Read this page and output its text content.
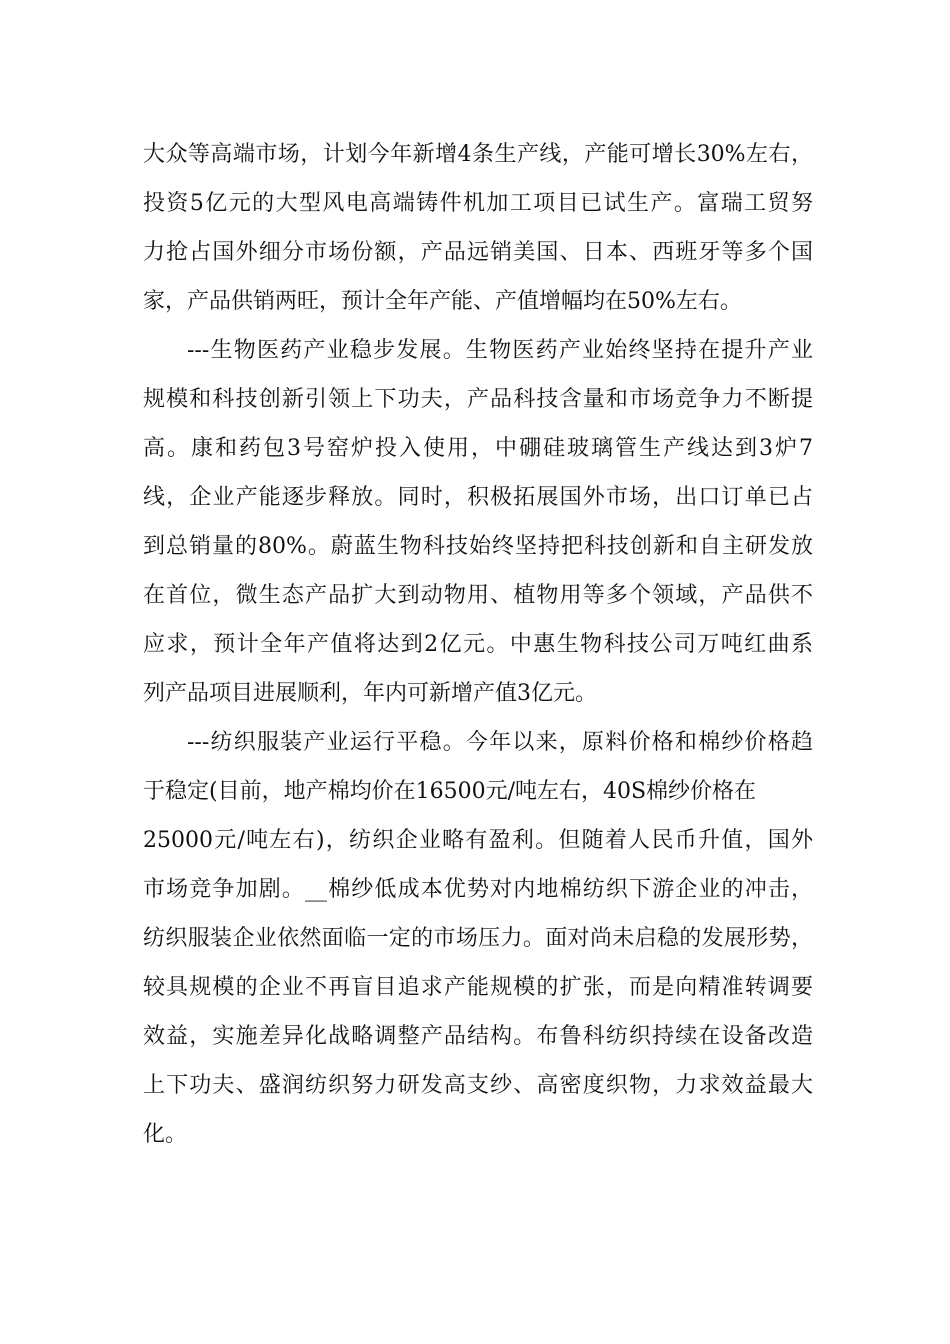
大众等高端市场，计划今年新增4条生产线，产能可增长30%左右，
投资5亿元的大型风电高端铸件机加工项目已试生产。富瑞工贸努
力抢占国外细分市场份额，产品远销美国、日本、西班牙等多个国
家，产品供销两旺，预计全年产能、产值增幅均在50%左右。
---生物医药产业稳步发展。生物医药产业始终坚持在提升产业
规模和科技创新引领上下功夫，产品科技含量和市场竞争力不断提
高。康和药包3号窑炉投入使用，中硼硅玻璃管生产线达到3炉7
线，企业产能逐步释放。同时，积极拓展国外市场，出口订单已占
到总销量的80%。蔚蓝生物科技始终坚持把科技创新和自主研发放
在首位，微生态产品扩大到动物用、植物用等多个领域，产品供不
应求，预计全年产值将达到2亿元。中惠生物科技公司万吨红曲系
列产品项目进展顺利，年内可新增产值3亿元。
---纺织服装产业运行平稳。今年以来，原料价格和棉纱价格趋
于稳定(目前，地产棉均价在16500元/吨左右，40S棉纱价格在
25000元/吨左右)，纺织企业略有盈利。但随着人民币升值，国外
市场竞争加剧。__棉纱低成本优势对内地棉纺织下游企业的冲击，
纺织服装企业依然面临一定的市场压力。面对尚未启稳的发展形势，
较具规模的企业不再盲目追求产能规模的扩张，而是向精准转调要
效益，实施差异化战略调整产品结构。布鲁科纺织持续在设备改造
上下功夫、盛润纺织努力研发高支纱、高密度织物，力求效益最大
化。
